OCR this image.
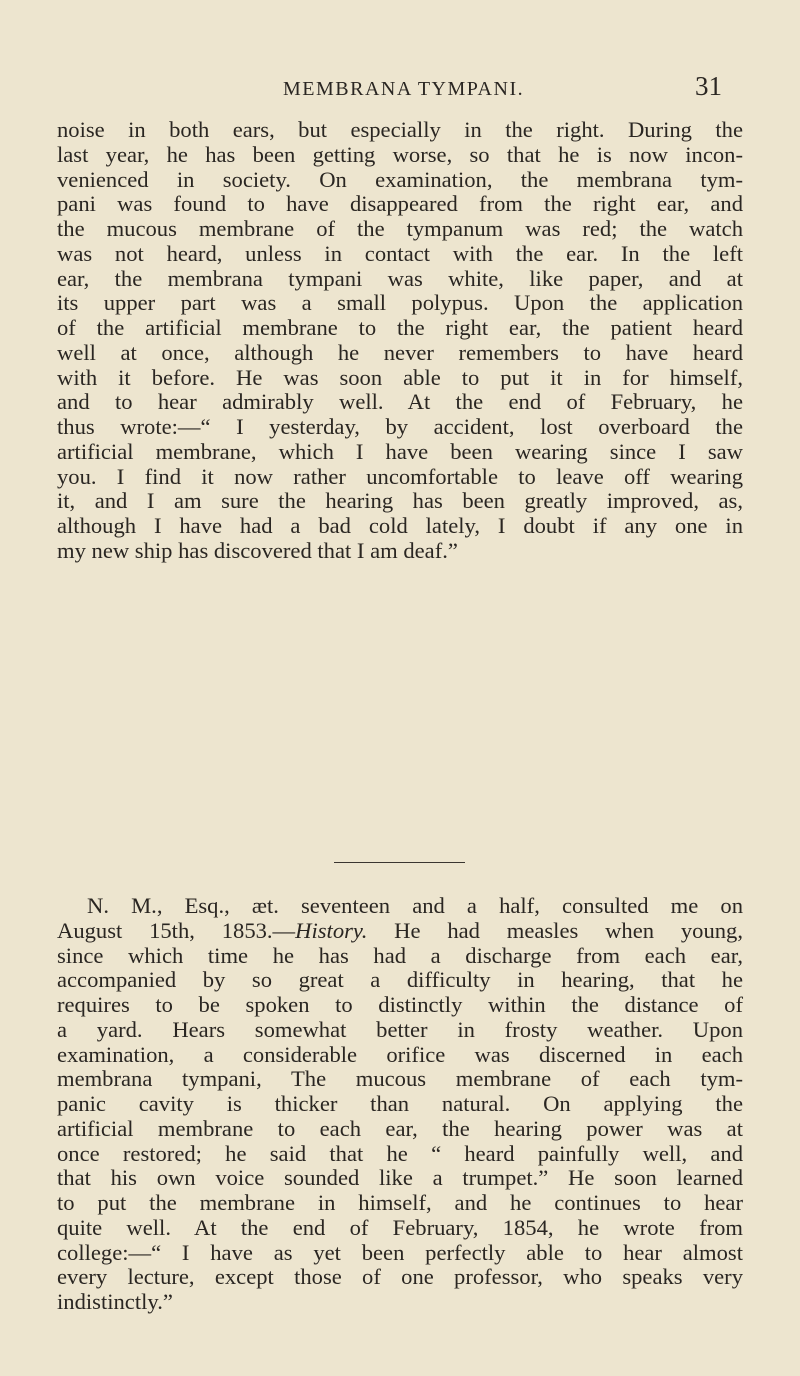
MEMBRANA TYMPANI.	31
noise in both ears, but especially in the right. During the
last year, he has been getting worse, so that he is now incon-
venienced in society. On examination, the membrana tym-
pani was found to have disappeared from the right ear, and
the mucous membrane of the tympanum was red; the watch
was not heard, unless in contact with the ear. In the left
ear, the membrana tympani was white, like paper, and at
its upper part was a small polypus. Upon the application
of the artificial membrane to the right ear, the patient heard
well at once, although he never remembers to have heard
with it before. He was soon able to put it in for himself,
and to hear admirably well. At the end of February, he
thus wrote:—“ I yesterday, by accident, lost overboard the
artificial membrane, which I have been wearing since I saw
you. I find it now rather uncomfortable to leave off wearing
it, and I am sure the hearing has been greatly improved, as,
although I have had a bad cold lately, I doubt if any one in
my new ship has discovered that I am deaf.”
N. M., Esq., æt. seventeen and a half, consulted me on
August 15th, 1853.—History. He had measles when young,
since which time he has had a discharge from each ear,
accompanied by so great a difficulty in hearing, that he
requires to be spoken to distinctly within the distance of
a yard. Hears somewhat better in frosty weather. Upon
examination, a considerable orifice was discerned in each
membrana tympani, The mucous membrane of each tym-
panic cavity is thicker than natural. On applying the
artificial membrane to each ear, the hearing power was at
once restored; he said that he “ heard painfully well, and
that his own voice sounded like a trumpet.” He soon learned
to put the membrane in himself, and he continues to hear
quite well. At the end of February, 1854, he wrote from
college:—“ I have as yet been perfectly able to hear almost
every lecture, except those of one professor, who speaks very
indistinctly.”
